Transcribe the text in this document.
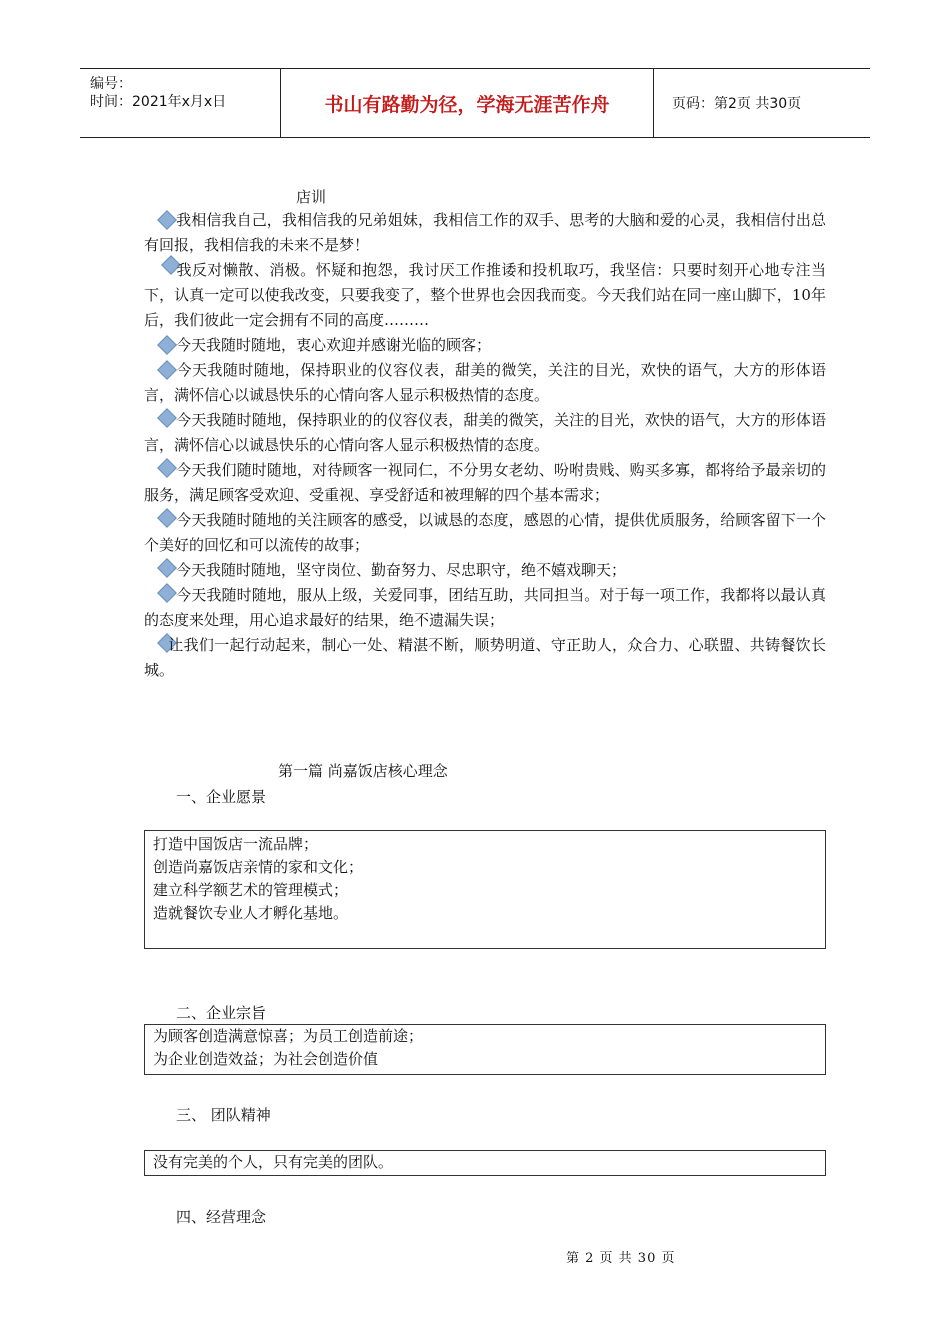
编号：
时间：2021年x月x日	书山有路勤为径，学海无涯苦作舟	页码：第2页 共30页
店训
我相信我自己，我相信我的兄弟姐妹，我相信工作的双手、思考的大脑和爱的心灵，我相信付出总有回报，我相信我的未来不是梦！
我反对懒散、消极。怀疑和抱怨，我讨厌工作推诿和投机取巧，我坚信：只要时刻开心地专注当下，认真一定可以使我改变，只要我变了，整个世界也会因我而变。今天我们站在同一座山脚下，10年后，我们彼此一定会拥有不同的高度………
今天我随时随地，衷心欢迎并感谢光临的顾客；
今天我随时随地，保持职业的仪容仪表，甜美的微笑，关注的目光，欢快的语气，大方的形体语言，满怀信心以诚恳快乐的心情向客人显示积极热情的态度。
今天我随时随地，保持职业的的仪容仪表，甜美的微笑，关注的目光，欢快的语气，大方的形体语言，满怀信心以诚恳快乐的心情向客人显示积极热情的态度。
今天我们随时随地，对待顾客一视同仁，不分男女老幼、吩咐贵贱、购买多寡，都将给予最亲切的服务，满足顾客受欢迎、受重视、享受舒适和被理解的四个基本需求；
今天我随时随地的关注顾客的感受，以诚恳的态度，感恩的心情，提供优质服务，给顾客留下一个个美好的回忆和可以流传的故事；
今天我随时随地，坚守岗位、勤奋努力、尽忠职守，绝不嬉戏聊天；
今天我随时随地，服从上级，关爱同事，团结互助，共同担当。对于每一项工作，我都将以最认真的态度来处理，用心追求最好的结果，绝不遗漏失误；
让我们一起行动起来，制心一处、精湛不断，顺势明道、守正助人，众合力、心联盟、共铸餐饮长城。
第一篇 尚嘉饭店核心理念
一、企业愿景
打造中国饭店一流品牌；
创造尚嘉饭店亲情的家和文化；
建立科学额艺术的管理模式；
造就餐饮专业人才孵化基地。
二、企业宗旨
为顾客创造满意惊喜；为员工创造前途；
为企业创造效益；为社会创造价值
三、 团队精神
没有完美的个人，只有完美的团队。
四、经营理念
第 2 页 共 30 页
